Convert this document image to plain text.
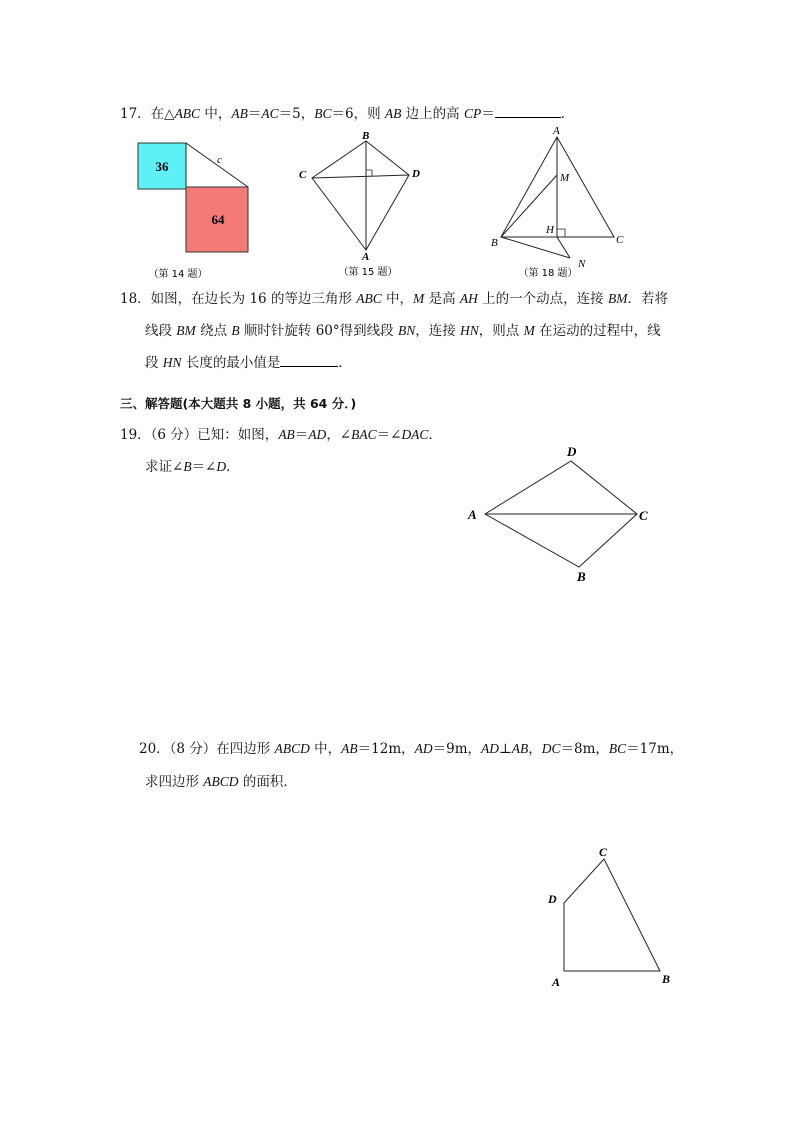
17．在△ABC 中，AB＝AC＝5，BC＝6，则 AB 边上的高 CP＝	．
36
64
c
（第 14 题）
B
C	D
A
（第 15 题）
A
M
H
B	C
N
（第 18 题）
18．如图，在边长为 16 的等边三角形 ABC 中，M 是高 AH 上的一个动点，连接 BM．若将
线段 BM 绕点 B 顺时针旋转 60°得到线段 BN，连接 HN，则点 M 在运动的过程中，线
段 HN 长度的最小值是	．
三、解答题(本大题共 8 小题，共 64 分．)
19．（6 分）已知：如图，AB＝AD，∠BAC＝∠DAC．
求证∠B＝∠D．
D
A	C
B
20．（8 分）在四边形 ABCD 中，AB＝12m，AD＝9m，AD⊥AB，DC＝8m，BC＝17m，
求四边形 ABCD 的面积．
C
D
A	B
